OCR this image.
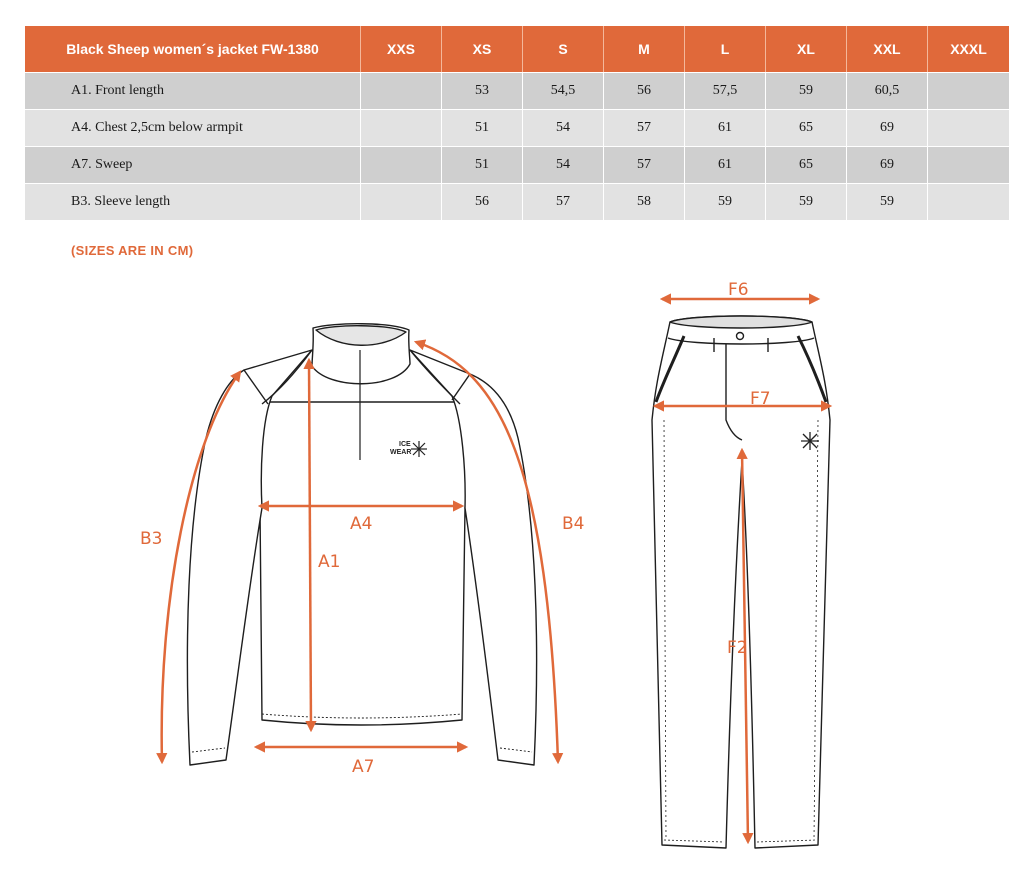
Black Sheep women´s jacket FW-1380	XXS	XS	S	M	L	XL	XXL	XXXL

A1. Front length		53	54,5	56	57,5	59	60,5	

A4. Chest 2,5cm below armpit		51	54	57	61	65	69	

A7. Sweep		51	54	57	61	65	69	

B3. Sleeve length		56	57	58	59	59	59	
(SIZES ARE IN CM)
ICE
WEAR
A1
A4
A7
B3
B4
F6
F7
F2
